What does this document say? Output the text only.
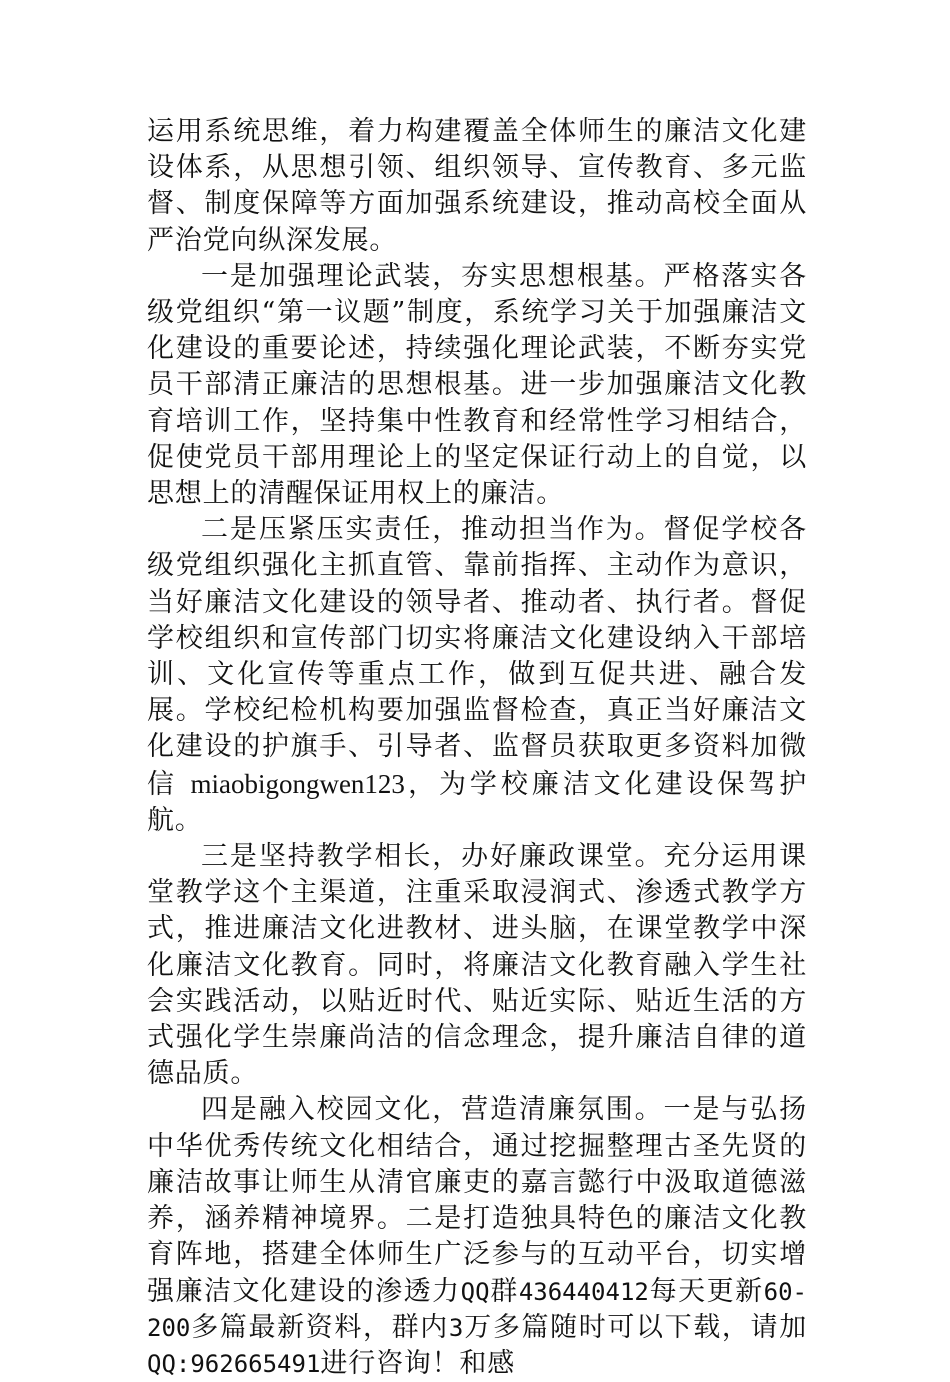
运用系统思维，着力构建覆盖全体师生的廉洁文化建设体系，从思想引领、组织领导、宣传教育、多元监督、制度保障等方面加强系统建设，推动高校全面从严治党向纵深发展。

一是加强理论武装，夯实思想根基。严格落实各级党组织“第一议题”制度，系统学习关于加强廉洁文化建设的重要论述，持续强化理论武装，不断夯实党员干部清正廉洁的思想根基。进一步加强廉洁文化教育培训工作，坚持集中性教育和经常性学习相结合，促使党员干部用理论上的坚定保证行动上的自觉，以思想上的清醒保证用权上的廉洁。

二是压紧压实责任，推动担当作为。督促学校各级党组织强化主抓直管、靠前指挥、主动作为意识，当好廉洁文化建设的领导者、推动者、执行者。督促学校组织和宣传部门切实将廉洁文化建设纳入干部培训、文化宣传等重点工作，做到互促共进、融合发展。学校纪检机构要加强监督检查，真正当好廉洁文化建设的护旗手、引导者、监督员获取更多资料加微信 miaobigongwen123，为学校廉洁文化建设保驾护航。

三是坚持教学相长，办好廉政课堂。充分运用课堂教学这个主渠道，注重采取浸润式、渗透式教学方式，推进廉洁文化进教材、进头脑，在课堂教学中深化廉洁文化教育。同时，将廉洁文化教育融入学生社会实践活动，以贴近时代、贴近实际、贴近生活的方式强化学生崇廉尚洁的信念理念，提升廉洁自律的道德品质。

四是融入校园文化，营造清廉氛围。一是与弘扬中华优秀传统文化相结合，通过挖掘整理古圣先贤的廉洁故事让师生从清官廉吏的嘉言懿行中汲取道德滋养，涵养精神境界。二是打造独具特色的廉洁文化教育阵地，搭建全体师生广泛参与的互动平台，切实增强廉洁文化建设的渗透力QQ群436440412每天更新60-200多篇最新资料，群内3万多篇随时可以下载，请加QQ:962665491进行咨询！和感
